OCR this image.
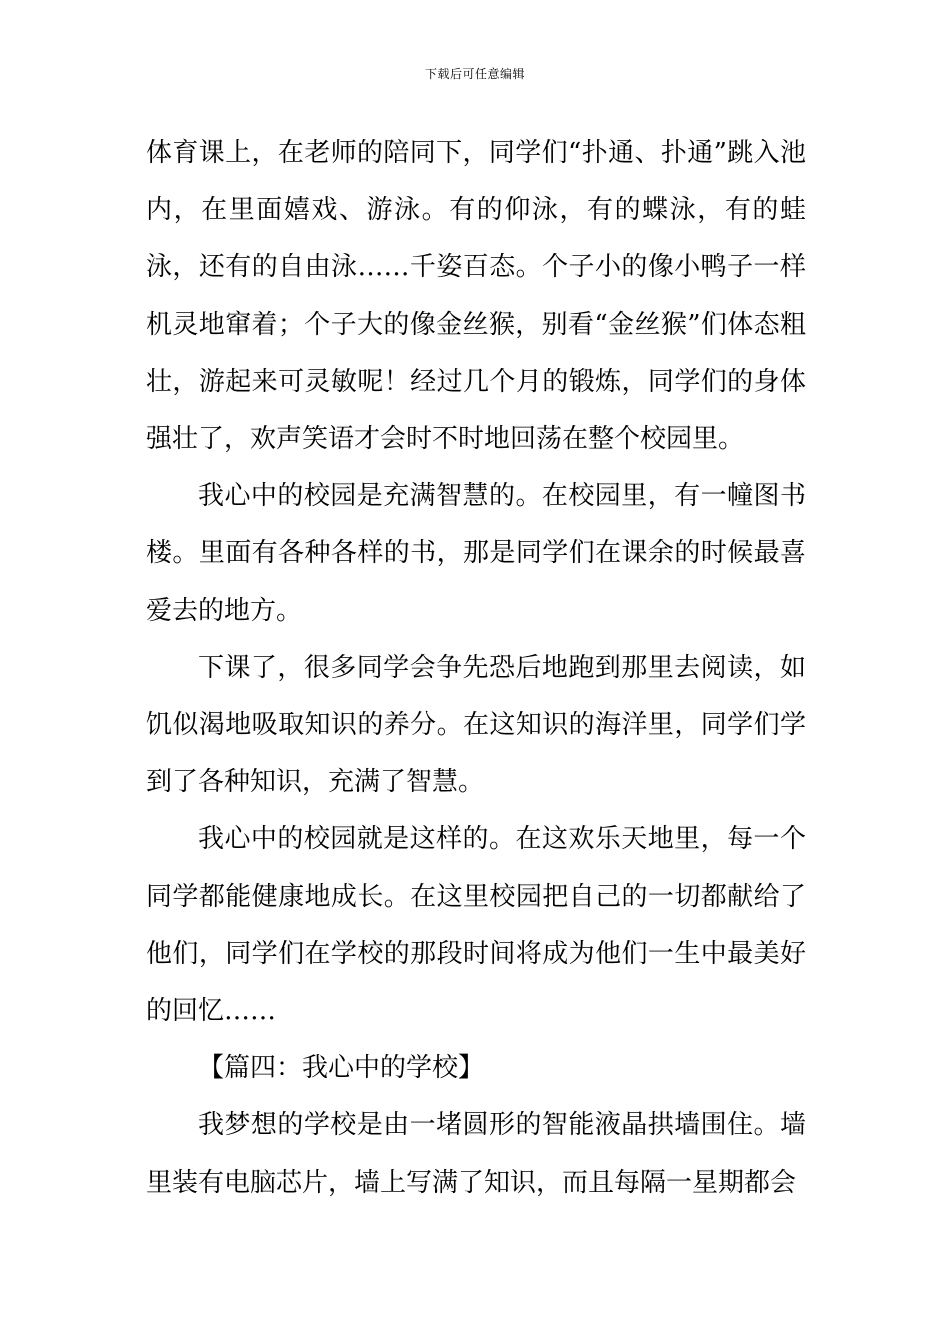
下载后可任意编辑

体育课上，在老师的陪同下，同学们“扑通、扑通”跳入池内，在里面嬉戏、游泳。有的仰泳，有的蝶泳，有的蛙泳，还有的自由泳……千姿百态。个子小的像小鸭子一样机灵地窜着；个子大的像金丝猴，别看“金丝猴”们体态粗壮，游起来可灵敏呢！经过几个月的锻炼，同学们的身体强壮了，欢声笑语才会时不时地回荡在整个校园里。

我心中的校园是充满智慧的。在校园里，有一幢图书楼。里面有各种各样的书，那是同学们在课余的时候最喜爱去的地方。

下课了，很多同学会争先恐后地跑到那里去阅读，如饥似渴地吸取知识的养分。在这知识的海洋里，同学们学到了各种知识，充满了智慧。

我心中的校园就是这样的。在这欢乐天地里，每一个同学都能健康地成长。在这里校园把自己的一切都献给了他们，同学们在学校的那段时间将成为他们一生中最美好的回忆……

【篇四：我心中的学校】

我梦想的学校是由一堵圆形的智能液晶拱墙围住。墙里装有电脑芯片，墙上写满了知识，而且每隔一星期都会
